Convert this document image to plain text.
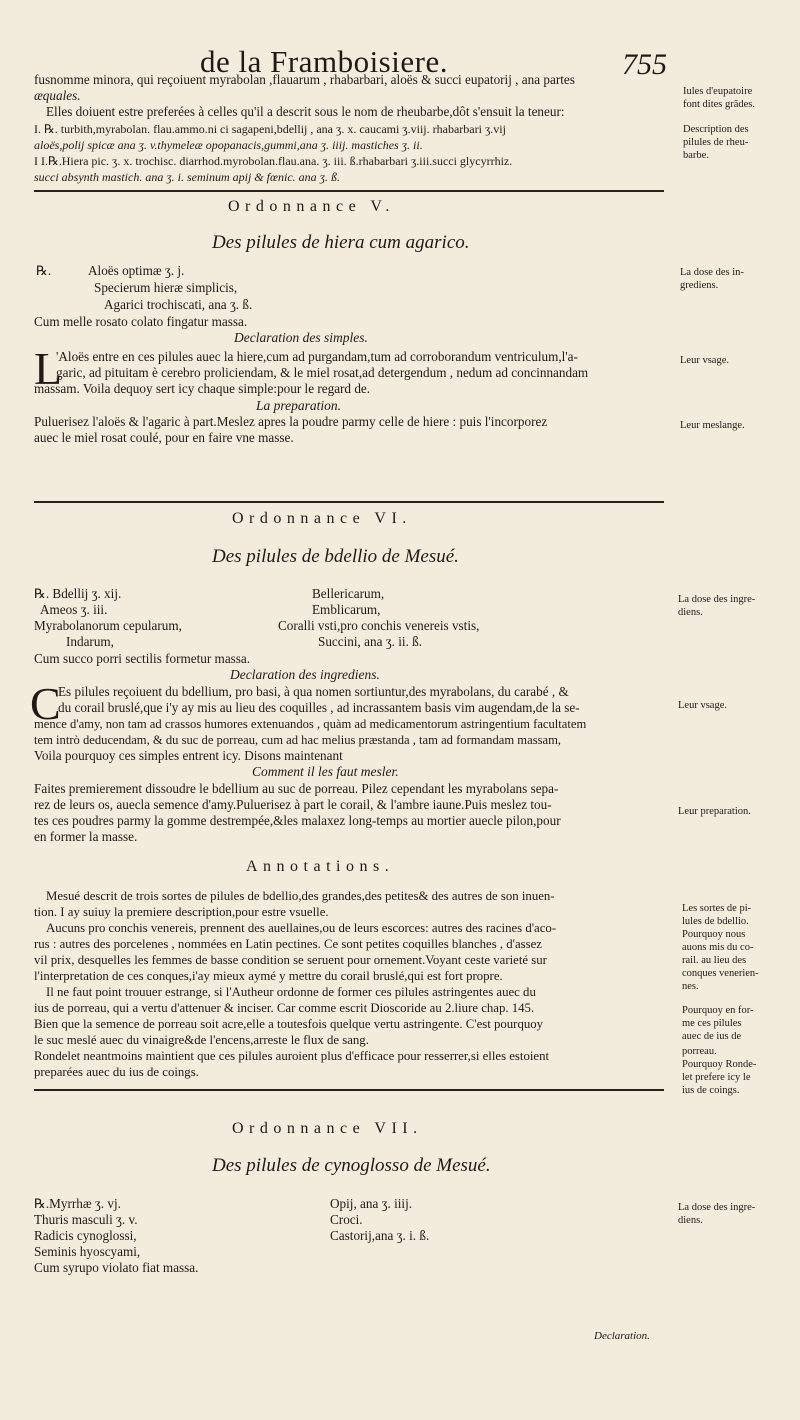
de la Framboisiere.	755
fusnomme minora, qui reçoiuent myrabolan ,flauarum , rhabarbari, aloës & succi eupatorij , ana partes
æquales.
Elles doiuent estre preferées à celles qu'il a descrit sous le nom de rheubarbe,dôt s'ensuit la teneur:
I. ℞. turbith,myrabolan. flau.ammo.ni ci sagapeni,bdellij , ana ʒ. x. caucami ʒ.viij. rhabarbari ʒ.vij
aloës,polij spicæ ana ʒ. v.thymeleæ opopanacis,gummi,ana ʒ. iiij. mastiches ʒ. ii.
I I.℞.Hiera pic. ʒ. x. trochisc. diarrhod.myrobolan.flau.ana. ʒ. iii. ß.rhabarbari ʒ.iii.succi glycyrrhiz.
succi absynth mastich. ana ʒ. i. seminum apij & fœnic. ana ʒ. ß.
Iules d'eupatoire
font dites grãdes.
Description des
pilules de rheu-
barbe.
Ordonnance V.
Des pilules de hiera cum agarico.
℞.	Aloës optimæ ʒ. j.
Specierum hieræ simplicis,
Agarici trochiscati, ana ʒ. ß.
Cum melle rosato colato fingatur massa.
La dose des in-
grediens.
Declaration des simples.
L
'Aloës entre en ces pilules auec la hiere,cum ad purgandam,tum ad corroborandum ventriculum,l'a-
garic, ad pituitam è cerebro proliciendam, & le miel rosat,ad detergendum , nedum ad concinnandam
massam. Voila dequoy sert icy chaque simple:pour le regard de.
Leur vsage.
La preparation.
Puluerisez l'aloës & l'agaric à part.Meslez apres la poudre parmy celle de hiere : puis l'incorporez
auec le miel rosat coulé, pour en faire vne masse.
Leur meslange.
Ordonnance VI.
Des pilules de bdellio de Mesué.
℞. Bdellij ʒ. xij.
Ameos ʒ. iii.
Myrabolanorum cepularum,
Indarum,
Bellericarum,
Emblicarum,
Coralli vsti,pro conchis venereis vstis,
Succini, ana ʒ. ii. ß.
Cum succo porri sectilis formetur massa.
La dose des ingre-
diens.
Declaration des ingrediens.
C
Es pilules reçoiuent du bdellium, pro basi, à qua nomen sortiuntur,des myrabolans, du carabé , &
du corail bruslé,que i'y ay mis au lieu des coquilles , ad incrassantem basis vim augendam,de la se-
mence d'amy, non tam ad crassos humores extenuandos , quàm ad medicamentorum astringentium facultatem
tem intrò deducendam, & du suc de porreau, cum ad hac melius præstanda , tam ad formandam massam,
Voila pourquoy ces simples entrent icy. Disons maintenant
Leur vsage.
Comment il les faut mesler.
Faites premierement dissoudre le bdellium au suc de porreau. Pilez cependant les myrabolans sepa-
rez de leurs os, auecla semence d'amy.Puluerisez à part le corail, & l'ambre iaune.Puis meslez tou-
tes ces poudres parmy la gomme destrempée,&les malaxez long-temps au mortier auecle pilon,pour
en former la masse.
Leur preparation.
Annotations.
Mesué descrit de trois sortes de pilules de bdellio,des grandes,des petites& des autres de son inuen-
tion. I ay suiuy la premiere description,pour estre vsuelle.
Aucuns pro conchis venereis, prennent des auellaines,ou de leurs escorces: autres des racines d'aco-
rus : autres des porcelenes , nommées en Latin pectines. Ce sont petites coquilles blanches , d'assez
vil prix, desquelles les femmes de basse condition se seruent pour ornement.Voyant ceste varieté sur
l'interpretation de ces conques,i'ay mieux aymé y mettre du corail bruslé,qui est fort propre.
Il ne faut point trouuer estrange, si l'Autheur ordonne de former ces pilules astringentes auec du
ius de porreau, qui a vertu d'attenuer & inciser. Car comme escrit Dioscoride au 2.liure chap. 145.
Bien que la semence de porreau soit acre,elle a toutesfois quelque vertu astringente. C'est pourquoy
le suc meslé auec du vinaigre&de l'encens,arreste le flux de sang.
Rondelet neantmoins maintient que ces pilules auroient plus d'efficace pour resserrer,si elles estoient
preparées auec du ius de coings.
Les sortes de pi-
lules de bdellio.
Pourquoy nous
auons mis du co-
rail. au lieu des
conques venerien-
nes.
Pourquoy en for-
me ces pilules
auec de ius de
porreau.
Pourquoy Ronde-
let prefere icy le
ius de coings.
Ordonnance VII.
Des pilules de cynoglosso de Mesué.
℞.Myrrhæ ʒ. vj.
Thuris masculi ʒ. v.
Radicis cynoglossi,
Seminis hyoscyami,
Cum syrupo violato fiat massa.
Opij, ana ʒ. iiij.
Croci.
Castorij,ana ʒ. i. ß.
La dose des ingre-
diens.
Declaration.
